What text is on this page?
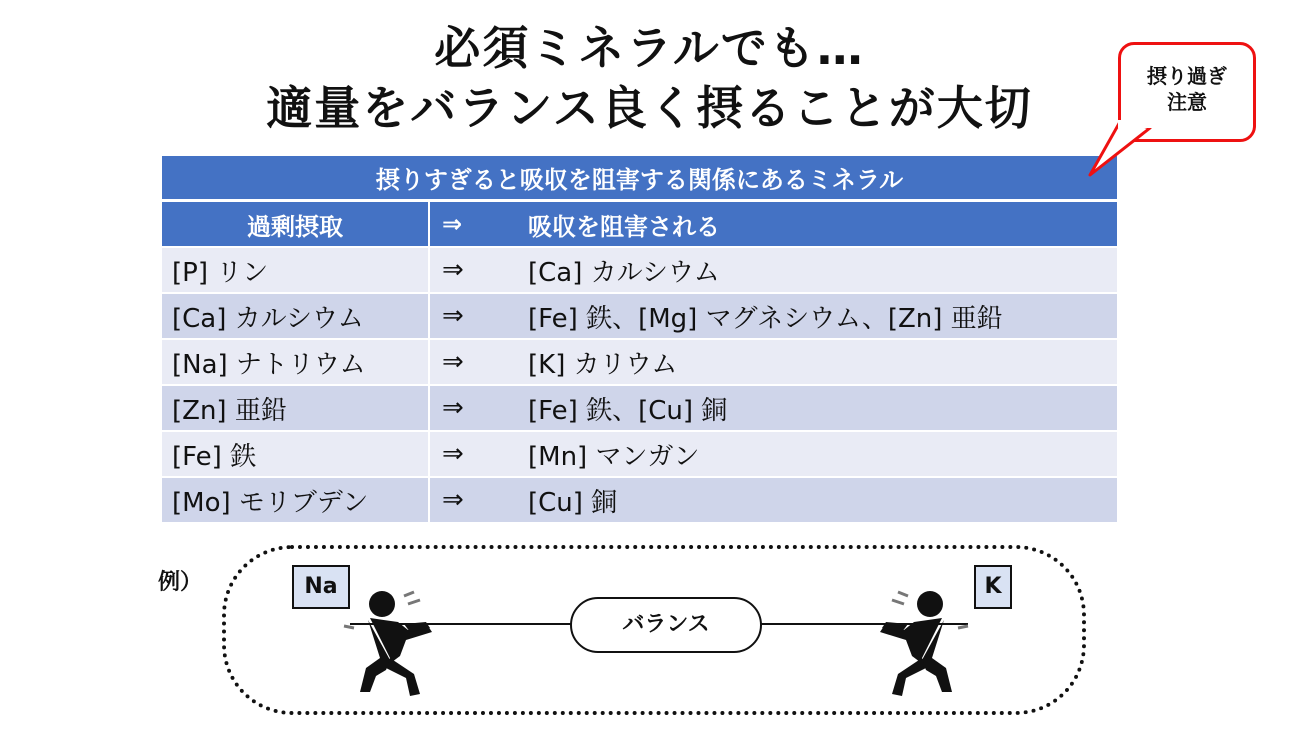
必須ミネラルでも…
適量をバランス良く摂ることが大切
摂り過ぎ
注意
摂りすぎると吸収を阻害する関係にあるミネラル
過剰摂取	⇒	吸収を阻害される
[P] リン	⇒	[Ca] カルシウム
[Ca] カルシウム	⇒	[Fe] 鉄、[Mg] マグネシウム、[Zn] 亜鉛
[Na] ナトリウム	⇒	[K] カリウム
[Zn] 亜鉛	⇒	[Fe] 鉄、[Cu] 銅
[Fe] 鉄	⇒	[Mn] マンガン
[Mo] モリブデン	⇒	[Cu] 銅
例）	Na	K
バランス
